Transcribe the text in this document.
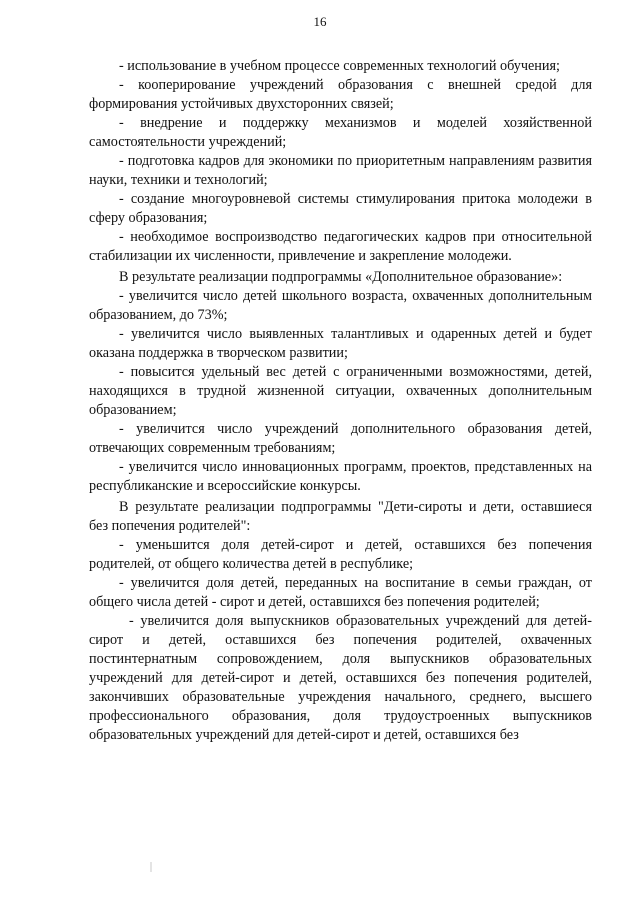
16

- использование в учебном процессе современных технологий обучения;

- кооперирование учреждений образования с внешней средой для формирования устойчивых двухсторонних связей;

- внедрение и поддержку механизмов и моделей хозяйственной самостоятельности учреждений;

- подготовка кадров для экономики по приоритетным направлениям развития науки, техники и технологий;

- создание многоуровневой системы стимулирования притока молодежи в сферу образования;

- необходимое воспроизводство педагогических кадров при относительной стабилизации их численности, привлечение и закрепление молодежи.

В результате реализации подпрограммы «Дополнительное образование»:

- увеличится число детей школьного возраста, охваченных дополнительным образованием, до 73%;

- увеличится число выявленных талантливых и одаренных детей и будет оказана поддержка в творческом развитии;

- повысится удельный вес детей с ограниченными возможностями, детей, находящихся в трудной жизненной ситуации, охваченных дополнительным образованием;

- увеличится число учреждений дополнительного образования детей, отвечающих современным требованиям;

- увеличится число инновационных программ, проектов, представленных на республиканские и всероссийские конкурсы.

В результате реализации подпрограммы "Дети-сироты и дети, оставшиеся без попечения родителей":

- уменьшится доля детей-сирот и детей, оставшихся без попечения родителей, от общего количества детей в республике;

- увеличится доля детей, переданных на воспитание в семьи граждан, от общего числа детей - сирот и детей, оставшихся без попечения родителей;

- увеличится доля выпускников образовательных учреждений для детей-сирот и детей, оставшихся без попечения родителей, охваченных постинтернатным сопровождением, доля выпускников образовательных учреждений для детей-сирот и детей, оставшихся без попечения родителей, закончивших образовательные учреждения начального, среднего, высшего профессионального образования, доля трудоустроенных выпускников образовательных учреждений для детей-сирот и детей, оставшихся без
